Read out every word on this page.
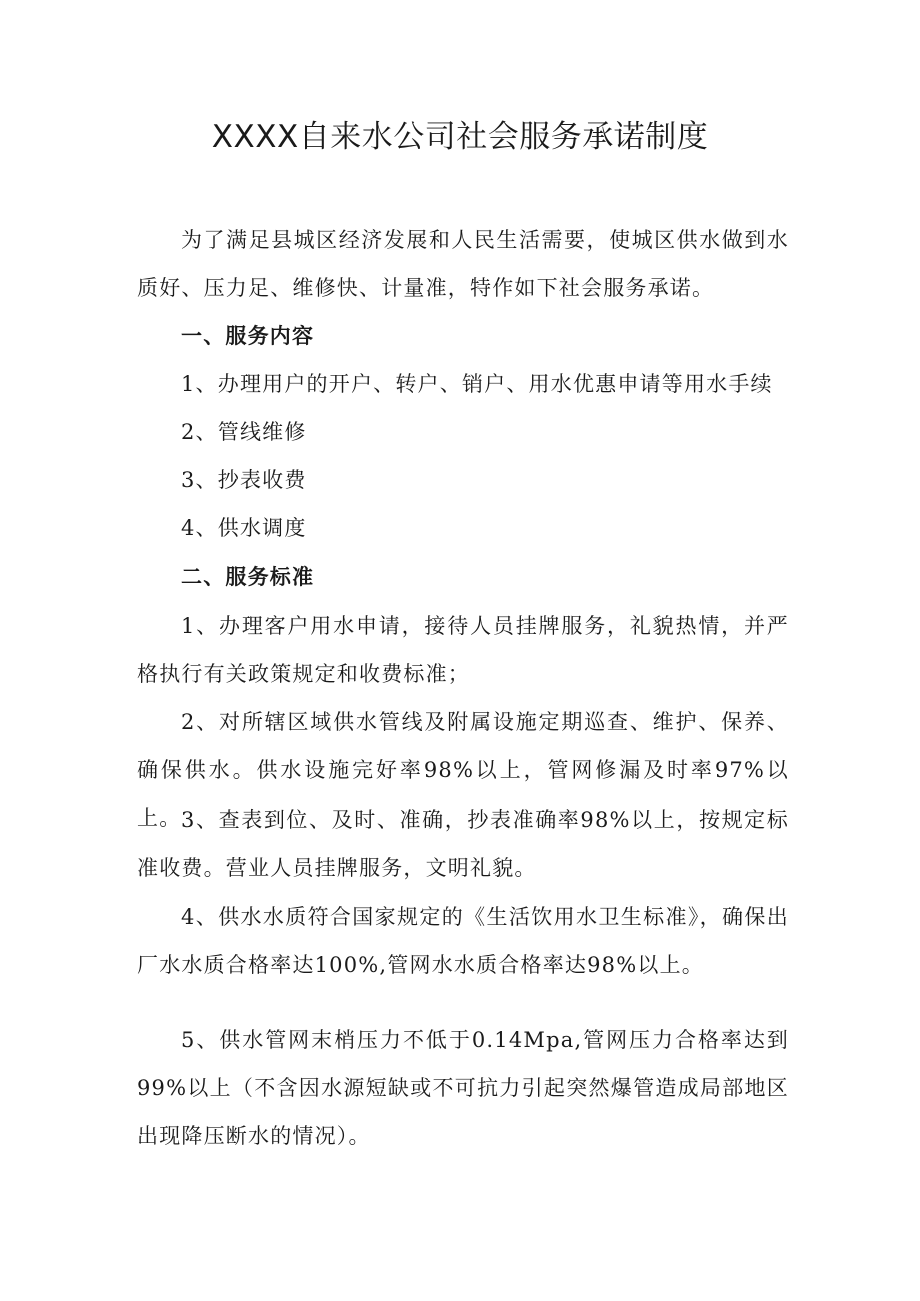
XXXX自来水公司社会服务承诺制度

为了满足县城区经济发展和人民生活需要，使城区供水做到水质好、压力足、维修快、计量准，特作如下社会服务承诺。

一、服务内容

1、办理用户的开户、转户、销户、用水优惠申请等用水手续

2、管线维修

3、抄表收费

4、供水调度

二、服务标准

1、办理客户用水申请，接待人员挂牌服务，礼貌热情，并严格执行有关政策规定和收费标准；

2、对所辖区域供水管线及附属设施定期巡查、维护、保养、确保供水。供水设施完好率98%以上，管网修漏及时率97%以上。 3、查表到位、及时、准确，抄表准确率98%以上，按规定标准收费。营业人员挂牌服务，文明礼貌。

4、供水水质符合国家规定的《生活饮用水卫生标准》，确保出厂水水质合格率达100%,管网水水质合格率达98%以上。

5、供水管网末梢压力不低于0.14Mpa,管网压力合格率达到99%以上（不含因水源短缺或不可抗力引起突然爆管造成局部地区出现降压断水的情况）。
